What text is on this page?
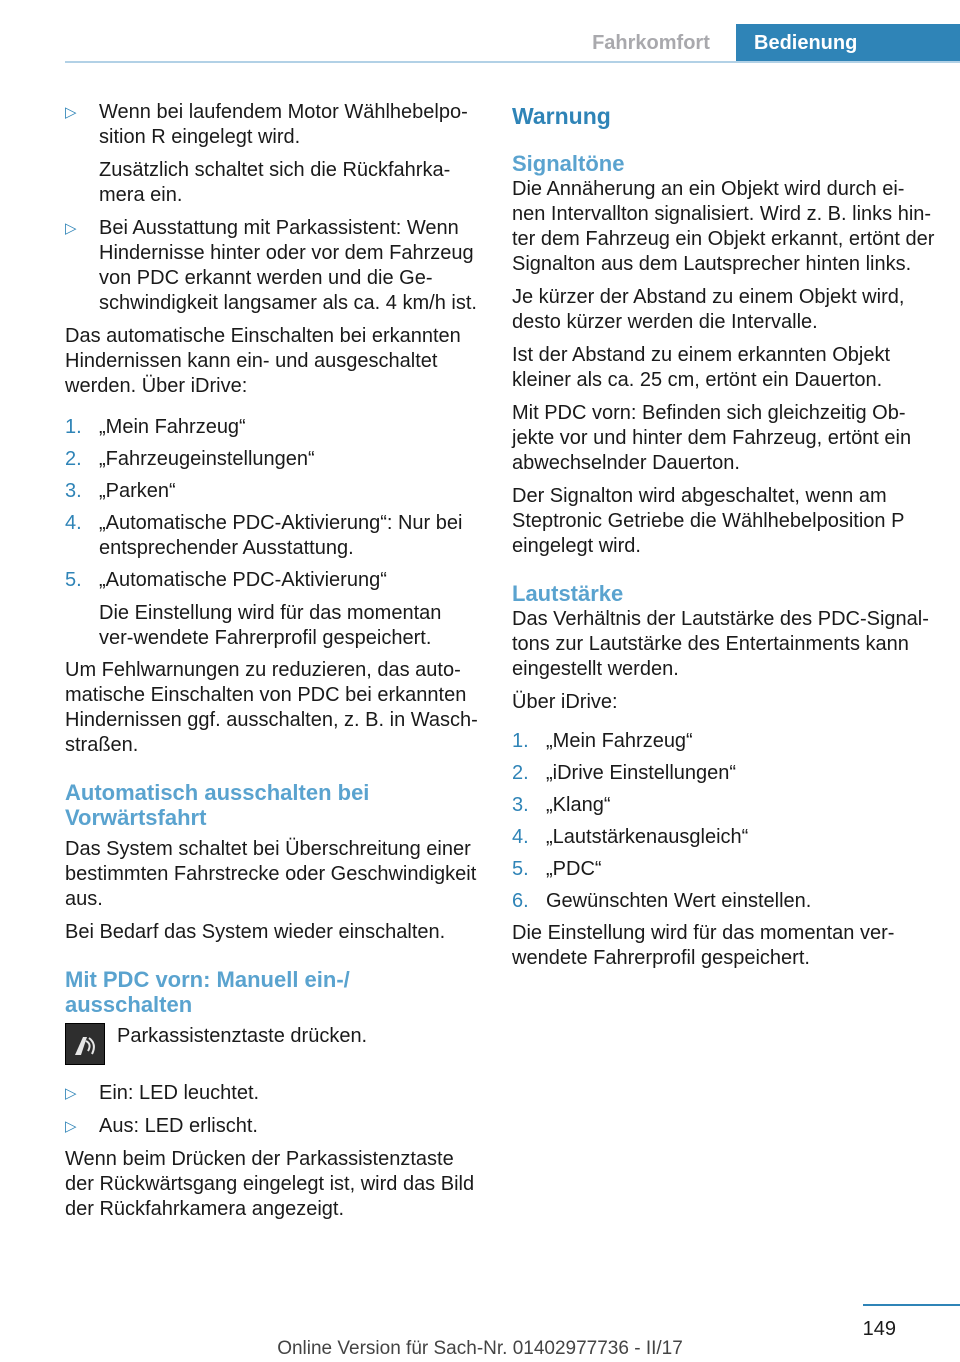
Fahrkomfort	Bedienung
▷	Wenn bei laufendem Motor Wählhebelpo-sition R eingelegt wird.
Zusätzlich schaltet sich die Rückfahrka-mera ein.
▷	Bei Ausstattung mit Parkassistent: Wenn Hindernisse hinter oder vor dem Fahrzeug von PDC erkannt werden und die Ge-schwindigkeit langsamer als ca. 4 km/h ist.

Das automatische Einschalten bei erkannten Hindernissen kann ein- und ausgeschaltet werden. Über iDrive:

1. „Mein Fahrzeug“
2. „Fahrzeugeinstellungen“
3. „Parken“
4. „Automatische PDC-Aktivierung“: Nur bei entsprechender Ausstattung.
5. „Automatische PDC-Aktivierung“
Die Einstellung wird für das momentan ver-wendete Fahrerprofil gespeichert.

Um Fehlwarnungen zu reduzieren, das auto-matische Einschalten von PDC bei erkannten Hindernissen ggf. ausschalten, z. B. in Wasch-straßen.

Automatisch ausschalten bei Vorwärtsfahrt

Das System schaltet bei Überschreitung einer bestimmten Fahrstrecke oder Geschwindigkeit aus.

Bei Bedarf das System wieder einschalten.

Mit PDC vorn: Manuell ein-/ ausschalten
Parkassistenztaste drücken.
▷	Ein: LED leuchtet.
▷	Aus: LED erlischt.

Wenn beim Drücken der Parkassistenztaste der Rückwärtsgang eingelegt ist, wird das Bild der Rückfahrkamera angezeigt.

Warnung
Signaltöne

Die Annäherung an ein Objekt wird durch ei-nen Intervallton signalisiert. Wird z. B. links hin-ter dem Fahrzeug ein Objekt erkannt, ertönt der Signalton aus dem Lautsprecher hinten links.

Je kürzer der Abstand zu einem Objekt wird, desto kürzer werden die Intervalle.

Ist der Abstand zu einem erkannten Objekt kleiner als ca. 25 cm, ertönt ein Dauerton.

Mit PDC vorn: Befinden sich gleichzeitig Ob-jekte vor und hinter dem Fahrzeug, ertönt ein abwechselnder Dauerton.

Der Signalton wird abgeschaltet, wenn am Steptronic Getriebe die Wählhebelposition P eingelegt wird.

Lautstärke

Das Verhältnis der Lautstärke des PDC-Signal-tons zur Lautstärke des Entertainments kann eingestellt werden.

Über iDrive:

1. „Mein Fahrzeug“
2. „iDrive Einstellungen“
3. „Klang“
4. „Lautstärkenausgleich“
5. „PDC“
6. Gewünschten Wert einstellen.

Die Einstellung wird für das momentan ver-wendete Fahrerprofil gespeichert.

149
Online Version für Sach-Nr. 01402977736 - II/17
